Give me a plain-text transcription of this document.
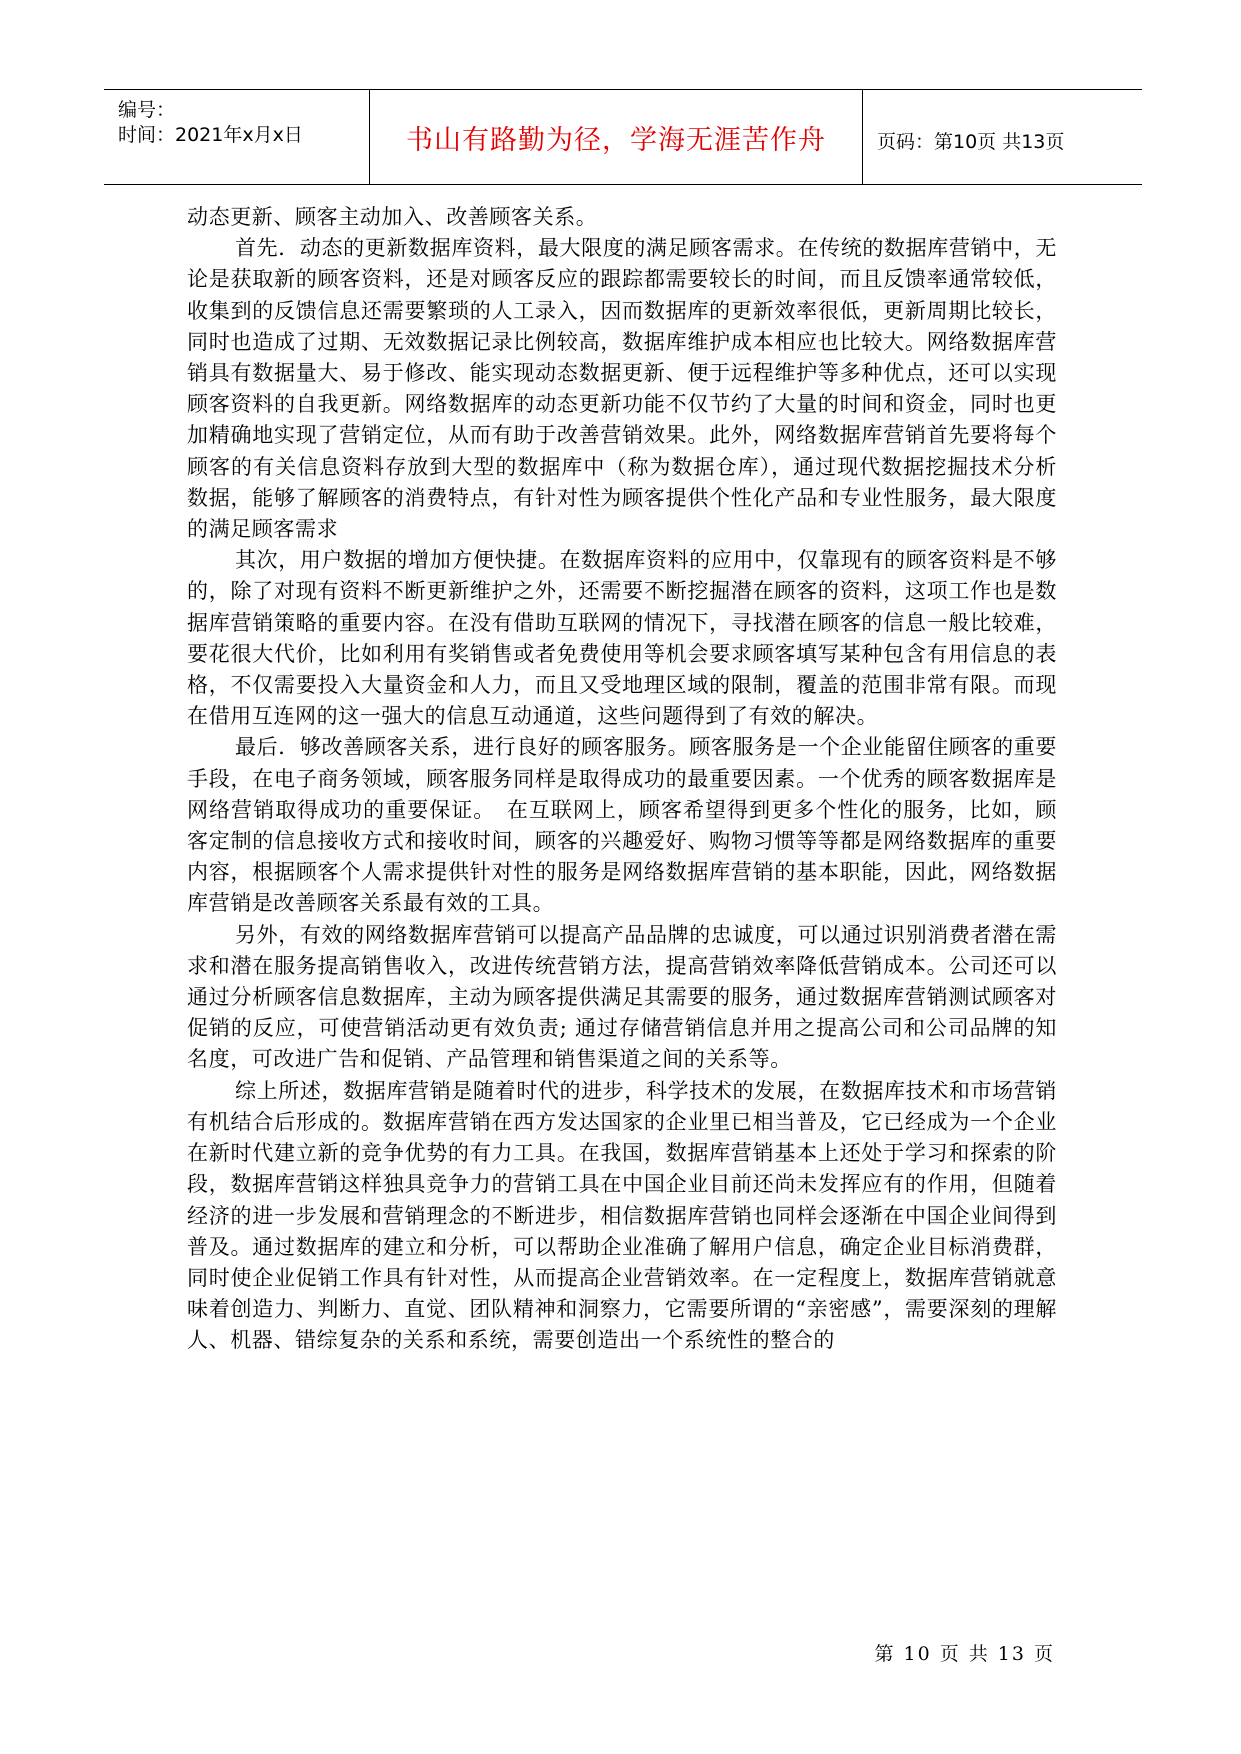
编号：
时间：2021年x月x日	书山有路勤为径，学海无涯苦作舟	页码：第10页 共13页

动态更新、顾客主动加入、改善顾客关系。

首先．动态的更新数据库资料，最大限度的满足顾客需求。在传统的数据库营销中，无论是获取新的顾客资料，还是对顾客反应的跟踪都需要较长的时间，而且反馈率通常较低，收集到的反馈信息还需要繁琐的人工录入，因而数据库的更新效率很低，更新周期比较长，同时也造成了过期、无效数据记录比例较高，数据库维护成本相应也比较大。网络数据库营销具有数据量大、易于修改、能实现动态数据更新、便于远程维护等多种优点，还可以实现顾客资料的自我更新。网络数据库的动态更新功能不仅节约了大量的时间和资金，同时也更加精确地实现了营销定位，从而有助于改善营销效果。此外，网络数据库营销首先要将每个顾客的有关信息资料存放到大型的数据库中（称为数据仓库），通过现代数据挖掘技术分析数据，能够了解顾客的消费特点，有针对性为顾客提供个性化产品和专业性服务，最大限度的满足顾客需求

其次，用户数据的增加方便快捷。在数据库资料的应用中，仅靠现有的顾客资料是不够的，除了对现有资料不断更新维护之外，还需要不断挖掘潜在顾客的资料，这项工作也是数据库营销策略的重要内容。在没有借助互联网的情况下，寻找潜在顾客的信息一般比较难，要花很大代价，比如利用有奖销售或者免费使用等机会要求顾客填写某种包含有用信息的表格，不仅需要投入大量资金和人力，而且又受地理区域的限制，覆盖的范围非常有限。而现在借用互连网的这一强大的信息互动通道，这些问题得到了有效的解决。

最后．够改善顾客关系，进行良好的顾客服务。顾客服务是一个企业能留住顾客的重要手段，在电子商务领域，顾客服务同样是取得成功的最重要因素。一个优秀的顾客数据库是网络营销取得成功的重要保证。　在互联网上，顾客希望得到更多个性化的服务，比如，顾客定制的信息接收方式和接收时间，顾客的兴趣爱好、购物习惯等等都是网络数据库的重要内容，根据顾客个人需求提供针对性的服务是网络数据库营销的基本职能，因此，网络数据库营销是改善顾客关系最有效的工具。

另外，有效的网络数据库营销可以提高产品品牌的忠诚度，可以通过识别消费者潜在需求和潜在服务提高销售收入，改进传统营销方法，提高营销效率降低营销成本。公司还可以通过分析顾客信息数据库，主动为顾客提供满足其需要的服务，通过数据库营销测试顾客对促销的反应，可使营销活动更有效负责; 通过存储营销信息并用之提高公司和公司品牌的知名度，可改进广告和促销、产品管理和销售渠道之间的关系等。

综上所述，数据库营销是随着时代的进步，科学技术的发展，在数据库技术和市场营销有机结合后形成的。数据库营销在西方发达国家的企业里已相当普及，它已经成为一个企业在新时代建立新的竞争优势的有力工具。在我国，数据库营销基本上还处于学习和探索的阶段，数据库营销这样独具竞争力的营销工具在中国企业目前还尚未发挥应有的作用，但随着经济的进一步发展和营销理念的不断进步，相信数据库营销也同样会逐渐在中国企业间得到普及。通过数据库的建立和分析，可以帮助企业准确了解用户信息，确定企业目标消费群，同时使企业促销工作具有针对性，从而提高企业营销效率。在一定程度上，数据库营销就意味着创造力、判断力、直觉、团队精神和洞察力，它需要所谓的“亲密感”，需要深刻的理解人、机器、错综复杂的关系和系统，需要创造出一个系统性的整合的

第 10 页 共 13 页
